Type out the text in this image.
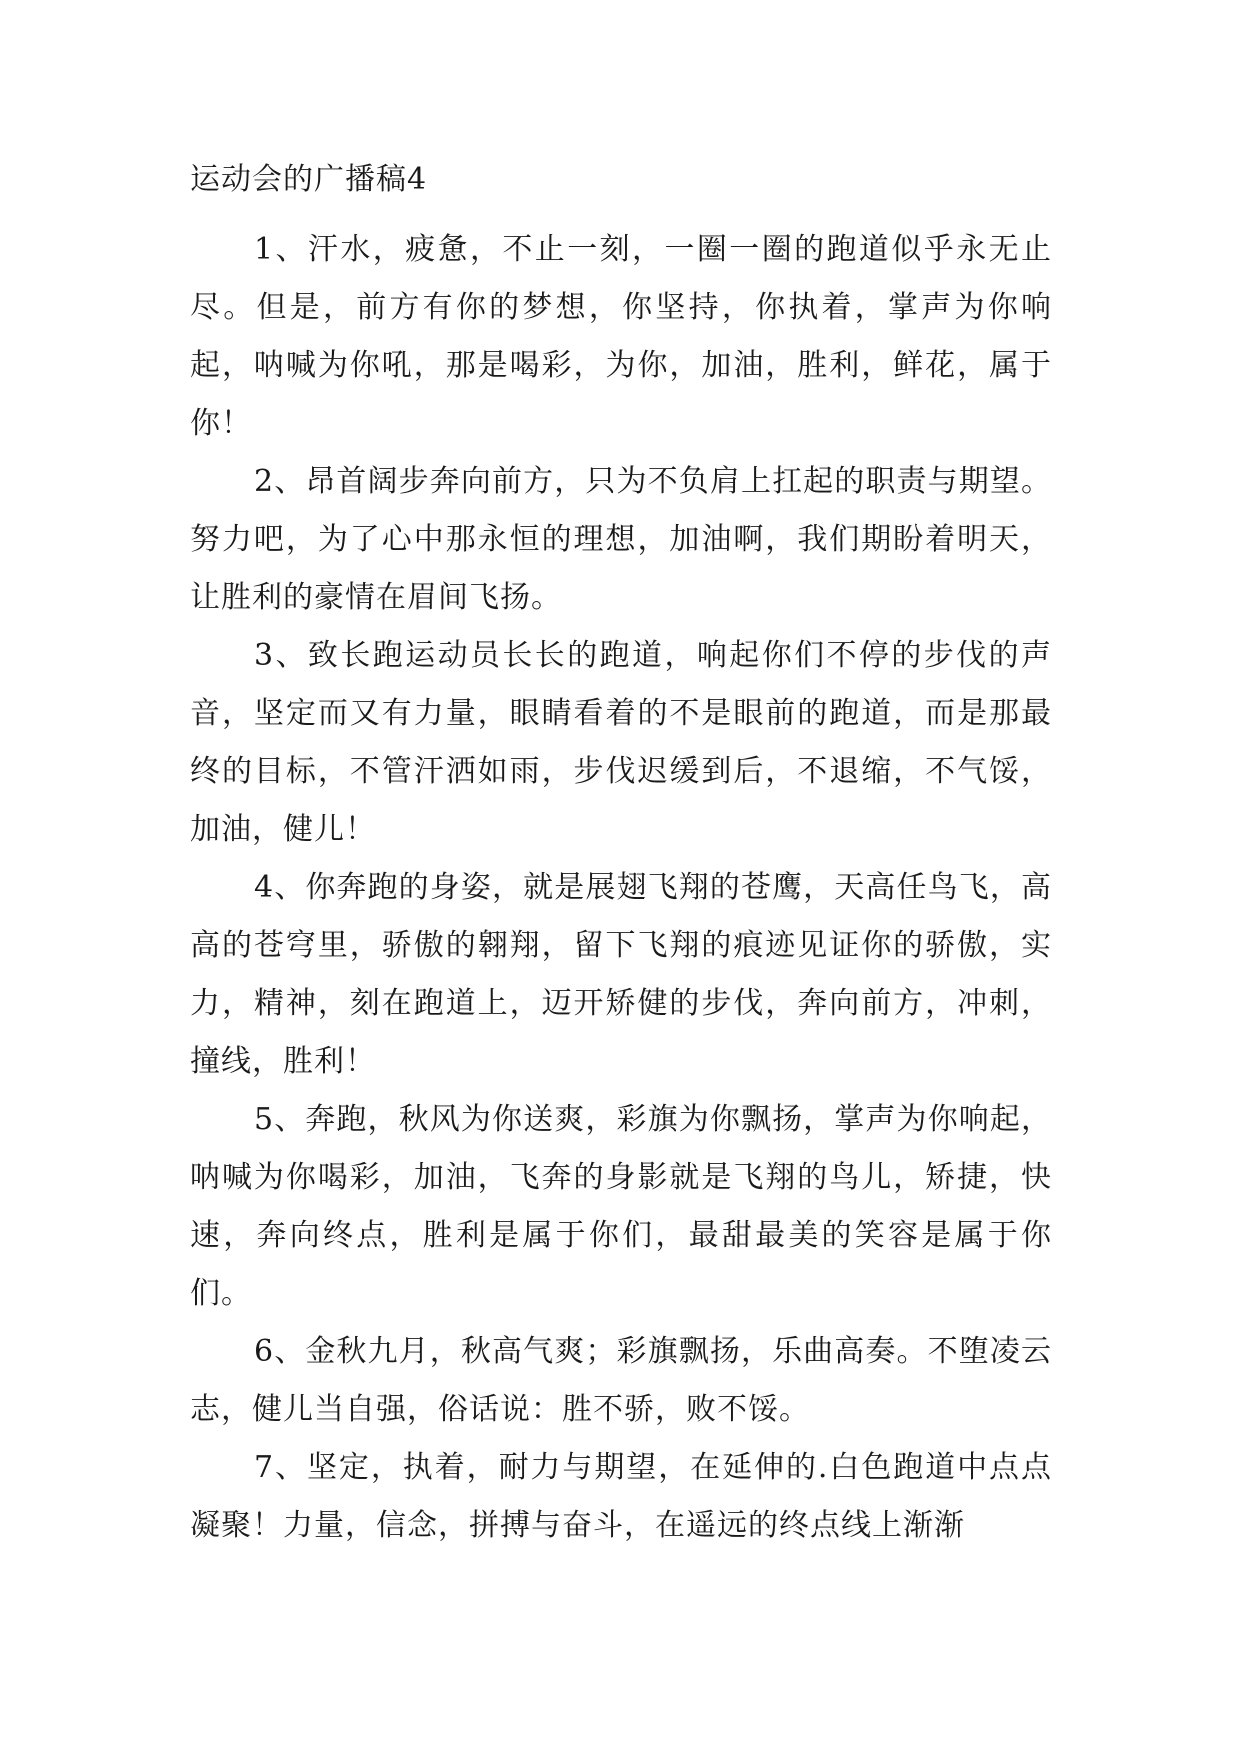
运动会的广播稿4

1、汗水，疲惫，不止一刻，一圈一圈的跑道似乎永无止尽。但是，前方有你的梦想，你坚持，你执着，掌声为你响起，呐喊为你吼，那是喝彩，为你，加油，胜利，鲜花，属于你！

2、昂首阔步奔向前方，只为不负肩上扛起的职责与期望。努力吧，为了心中那永恒的理想，加油啊，我们期盼着明天，让胜利的豪情在眉间飞扬。

3、致长跑运动员长长的跑道，响起你们不停的步伐的声音，坚定而又有力量，眼睛看着的不是眼前的跑道，而是那最终的目标，不管汗洒如雨，步伐迟缓到后，不退缩，不气馁，加油，健儿！

4、你奔跑的身姿，就是展翅飞翔的苍鹰，天高任鸟飞，高高的苍穹里，骄傲的翱翔，留下飞翔的痕迹见证你的骄傲，实力，精神，刻在跑道上，迈开矫健的步伐，奔向前方，冲刺，撞线，胜利！

5、奔跑，秋风为你送爽，彩旗为你飘扬，掌声为你响起，呐喊为你喝彩，加油，飞奔的身影就是飞翔的鸟儿，矫捷，快速，奔向终点，胜利是属于你们，最甜最美的笑容是属于你们。

6、金秋九月，秋高气爽；彩旗飘扬，乐曲高奏。不堕凌云志，健儿当自强，俗话说：胜不骄，败不馁。

7、坚定，执着，耐力与期望，在延伸的.白色跑道中点点凝聚！力量，信念，拼搏与奋斗，在遥远的终点线上渐渐
